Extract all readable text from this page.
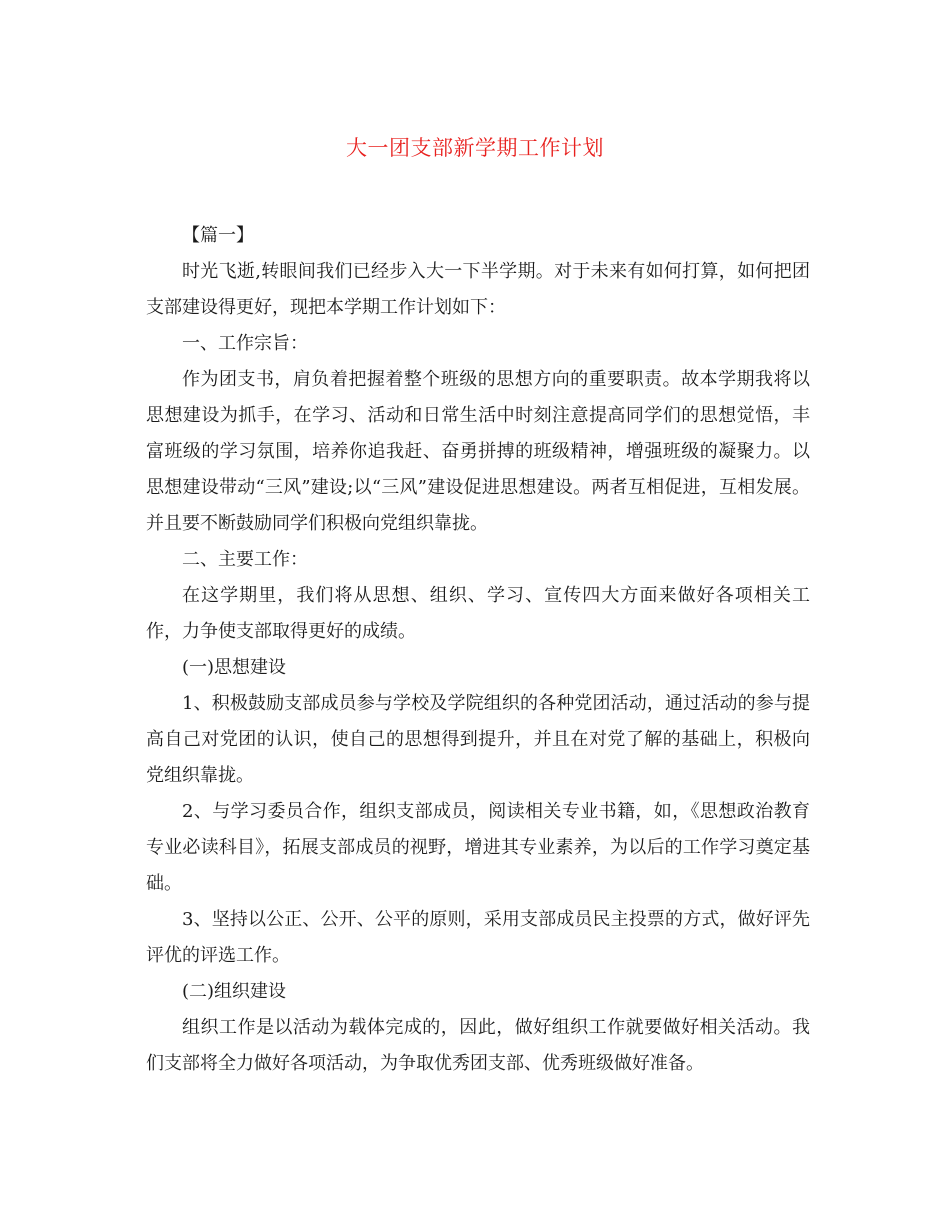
大一团支部新学期工作计划

【篇一】

时光飞逝,转眼间我们已经步入大一下半学期。对于未来有如何打算，如何把团支部建设得更好，现把本学期工作计划如下：

一、工作宗旨：

作为团支书，肩负着把握着整个班级的思想方向的重要职责。故本学期我将以思想建设为抓手，在学习、活动和日常生活中时刻注意提高同学们的思想觉悟，丰富班级的学习氛围，培养你追我赶、奋勇拼搏的班级精神，增强班级的凝聚力。以思想建设带动“三风”建设;以“三风”建设促进思想建设。两者互相促进，互相发展。并且要不断鼓励同学们积极向党组织靠拢。

二、主要工作：

在这学期里，我们将从思想、组织、学习、宣传四大方面来做好各项相关工作，力争使支部取得更好的成绩。

(一)思想建设

1、积极鼓励支部成员参与学校及学院组织的各种党团活动，通过活动的参与提高自己对党团的认识，使自己的思想得到提升，并且在对党了解的基础上，积极向党组织靠拢。

2、与学习委员合作，组织支部成员，阅读相关专业书籍，如，《思想政治教育专业必读科目》，拓展支部成员的视野，增进其专业素养，为以后的工作学习奠定基础。

3、坚持以公正、公开、公平的原则，采用支部成员民主投票的方式，做好评先评优的评选工作。

(二)组织建设

组织工作是以活动为载体完成的，因此，做好组织工作就要做好相关活动。我们支部将全力做好各项活动，为争取优秀团支部、优秀班级做好准备。
